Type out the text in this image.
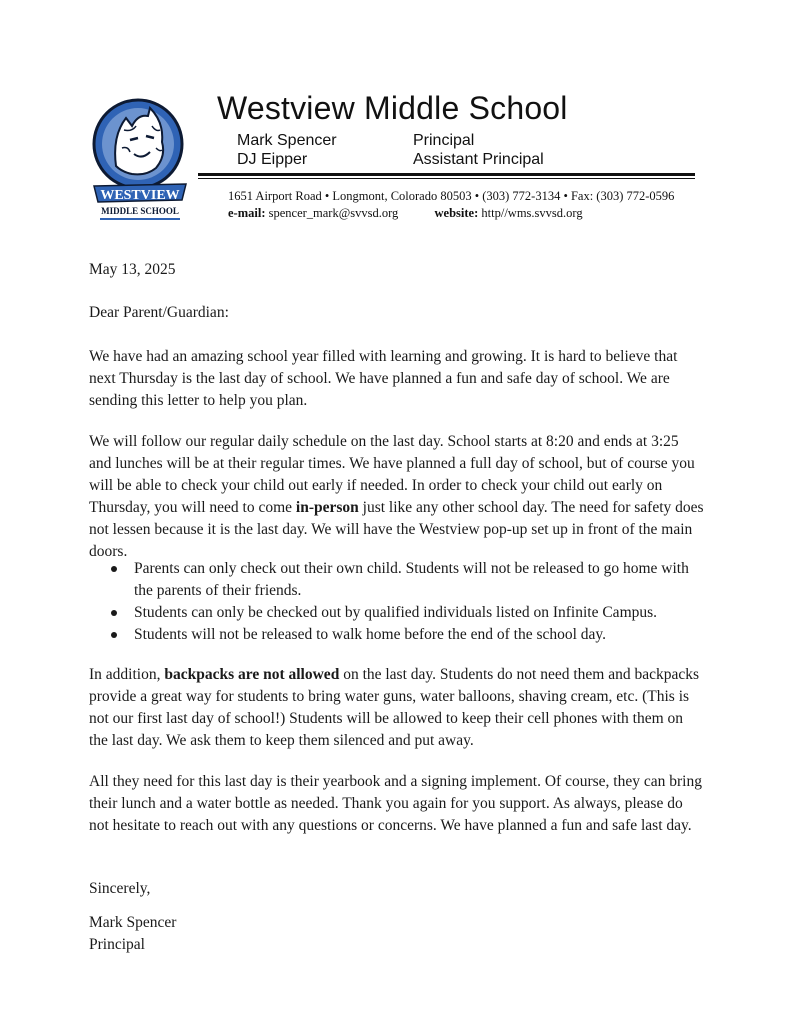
WESTVIEW
MIDDLE SCHOOL
Westview Middle School
Mark Spencer
DJ Eipper
Principal
Assistant Principal
1651 Airport Road • Longmont, Colorado 80503 • (303) 772-3134 • Fax: (303) 772-0596
e-mail: spencer_mark@svvsd.org	website: http//wms.svvsd.org

May 13, 2025

Dear Parent/Guardian:

We have had an amazing school year filled with learning and growing. It is hard to believe that next Thursday is the last day of school. We have planned a fun and safe day of school. We are sending this letter to help you plan.

We will follow our regular daily schedule on the last day. School starts at 8:20 and ends at 3:25 and lunches will be at their regular times. We have planned a full day of school, but of course you will be able to check your child out early if needed. In order to check your child out early on Thursday, you will need to come in-person just like any other school day. The need for safety does not lessen because it is the last day. We will have the Westview pop-up set up in front of the main doors.

Parents can only check out their own child. Students will not be released to go home with the parents of their friends.
Students can only be checked out by qualified individuals listed on Infinite Campus.
Students will not be released to walk home before the end of the school day.

In addition, backpacks are not allowed on the last day. Students do not need them and backpacks provide a great way for students to bring water guns, water balloons, shaving cream, etc. (This is not our first last day of school!) Students will be allowed to keep their cell phones with them on the last day. We ask them to keep them silenced and put away.

All they need for this last day is their yearbook and a signing implement. Of course, they can bring their lunch and a water bottle as needed. Thank you again for you support. As always, please do not hesitate to reach out with any questions or concerns. We have planned a fun and safe last day.

Sincerely,

Mark Spencer

Principal
